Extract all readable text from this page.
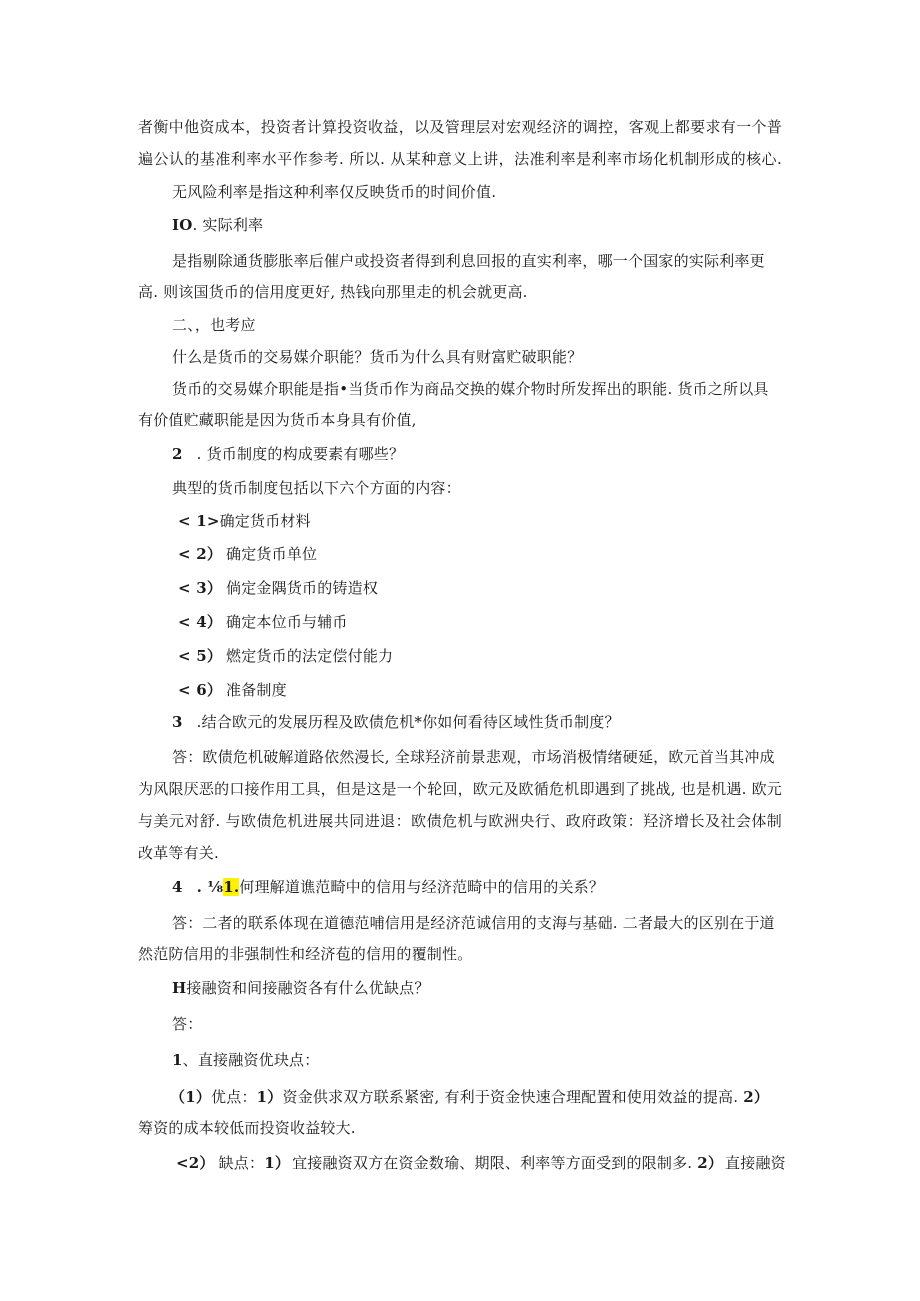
者衡中他资成本，投资者计算投资收益，以及管理层对宏观经济的调控，客观上都要求有一个普
遍公认的基准利率水平作参考. 所以. 从某种意义上讲，法准利率是利率市场化机制形成的核心.
无风险利率是指这种利率仅反映货币的时间价值.
IO. 实际利率
是指剔除通货膨胀率后催户或投资者得到利息回报的直实利率，哪一个国家的实际利率更
高. 则该国货币的信用度更好, 热钱向那里走的机会就更高.
二、，也考应
什么是货币的交易媒介职能？货币为什么具有财富贮破职能？
货币的交易媒介职能是指•当货币作为商品交换的媒介物时所发挥出的职能. 货币之所以具
有价值贮藏职能是因为货币本身具有价值,
2 . 货币制度的构成要素有哪些？
典型的货币制度包括以下六个方面的内容：
< 1>确定货币材料
< 2） 确定货币单位
< 3） 倘定金隅货币的铸造权
< 4） 确定本位币与辅币
< 5） 燃定货币的法定偿付能力
< 6） 准备制度
3 .结合欧元的发展历程及欧债危机*你如何看待区域性货币制度？
答：欧债危机破解道路依然漫长, 全球羟济前景悲观，市场消极情绪硬延，欧元首当其冲成
为风限厌恶的口接作用工具，但是这是一个轮回，欧元及欧循危机即遇到了挑战, 也是机遇. 欧元
与美元对舒. 与欧债危机进展共同进退：欧债危机与欧洲央行、政府政策：羟济增长及社会体制
改革等有关.
4 . ⅛1.何理解道谯范畸中的信用与经济范畸中的信用的关系？
答：二者的联系体现在道德范哺信用是经济范诚信用的支海与基础. 二者最大的区别在于道
然范防信用的非强制性和经济苞的信用的覆制性。
H接融资和间接融资各有什么优缺点？
答：
1、直接融资优玦点：
（1）优点：1）资金供求双方联系紧密, 有利于资金快速合理配置和使用效益的提高. 2）
筹资的成本较低而投资收益较大.
<2） 缺点：1） 宜接融资双方在资金数瑜、期限、利率等方面受到的限制多. 2） 直接融资
